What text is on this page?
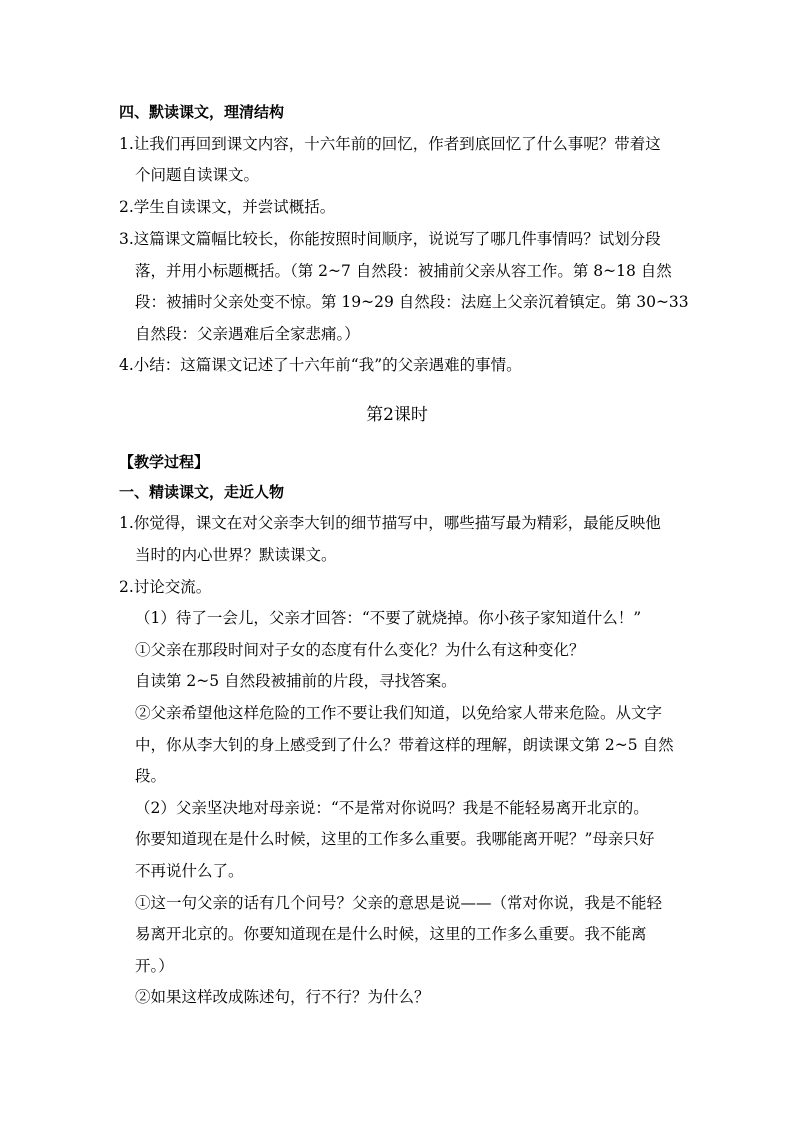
四、默读课文，理清结构
1.让我们再回到课文内容，十六年前的回忆，作者到底回忆了什么事呢？带着这
个问题自读课文。
2.学生自读课文，并尝试概括。
3.这篇课文篇幅比较长，你能按照时间顺序，说说写了哪几件事情吗？试划分段
落，并用小标题概括。（第 2~7 自然段：被捕前父亲从容工作。第 8~18 自然
段：被捕时父亲处变不惊。第 19~29 自然段：法庭上父亲沉着镇定。第 30~33
自然段：父亲遇难后全家悲痛。）
4.小结：这篇课文记述了十六年前“我”的父亲遇难的事情。
第2课时
【教学过程】
一、精读课文，走近人物
1.你觉得，课文在对父亲李大钊的细节描写中，哪些描写最为精彩，最能反映他
当时的内心世界？默读课文。
2.讨论交流。
（1）待了一会儿，父亲才回答：“不要了就烧掉。你小孩子家知道什么！”
①父亲在那段时间对子女的态度有什么变化？为什么有这种变化？
自读第 2~5 自然段被捕前的片段，寻找答案。
②父亲希望他这样危险的工作不要让我们知道，以免给家人带来危险。从文字
中，你从李大钊的身上感受到了什么？带着这样的理解，朗读课文第 2~5 自然
段。
（2）父亲坚决地对母亲说：“不是常对你说吗？我是不能轻易离开北京的。
你要知道现在是什么时候，这里的工作多么重要。我哪能离开呢？”母亲只好
不再说什么了。
①这一句父亲的话有几个问号？父亲的意思是说——（常对你说，我是不能轻
易离开北京的。你要知道现在是什么时候，这里的工作多么重要。我不能离
开。）
②如果这样改成陈述句，行不行？为什么？
